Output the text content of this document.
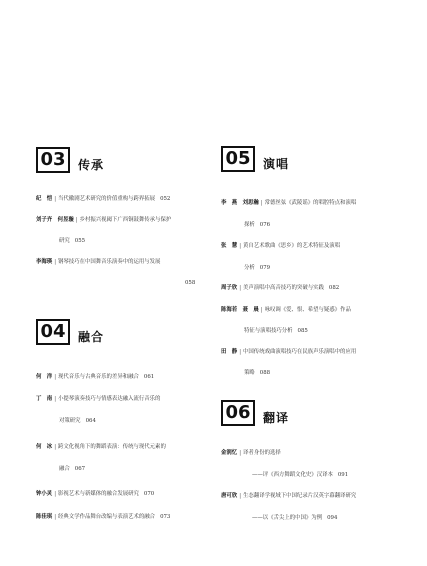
03	传承
纪　恺 | 当代徽剧艺术研究的价值重构与跨界拓展 052
刘子齐　何昱璇 | 乡村振兴视阈下广西铜鼓舞传承与保护
研究 055
李海瑛 | 钢琴技巧在中国舞音乐演奏中的运用与发展
058
04	融合
何　洋 | 现代音乐与古典音乐的差异和融合 061
丁　南 | 小提琴演奏技巧与情感表达融入流行音乐的
对策研究 064
何　冰 | 跨文化视角下的舞蹈表演：传统与现代元素的
融合 067
钟小灵 | 影视艺术与新媒体的融合发展研究 070
陈佳琪 | 经典文学作品舞台改编与表演艺术的融合 073
05	演唱
李　燕　刘思瀚 | 常德丝弦《武陵谣》的唱腔特点和演唱
探析 076
张　慧 | 黄自艺术歌曲《思乡》的艺术特征及演唱
分析 079
周子欣 | 美声演唱中高音技巧的突破与实践 082
陈海若　聂　晨 | 咏叹调《爱、恨、希望与疑惑》作品
特征与演唱技巧分析 085
田　静 | 中国传统戏曲演唱技巧在民族声乐演唱中的应用
策略 088
06	翻译
金润忆 | 译者身份的选择
——评《西方舞蹈文化史》汉译本 091
唐可欣 | 生态翻译学视域下中国纪录片汉英字幕翻译研究
——以《舌尖上的中国》为例 094
